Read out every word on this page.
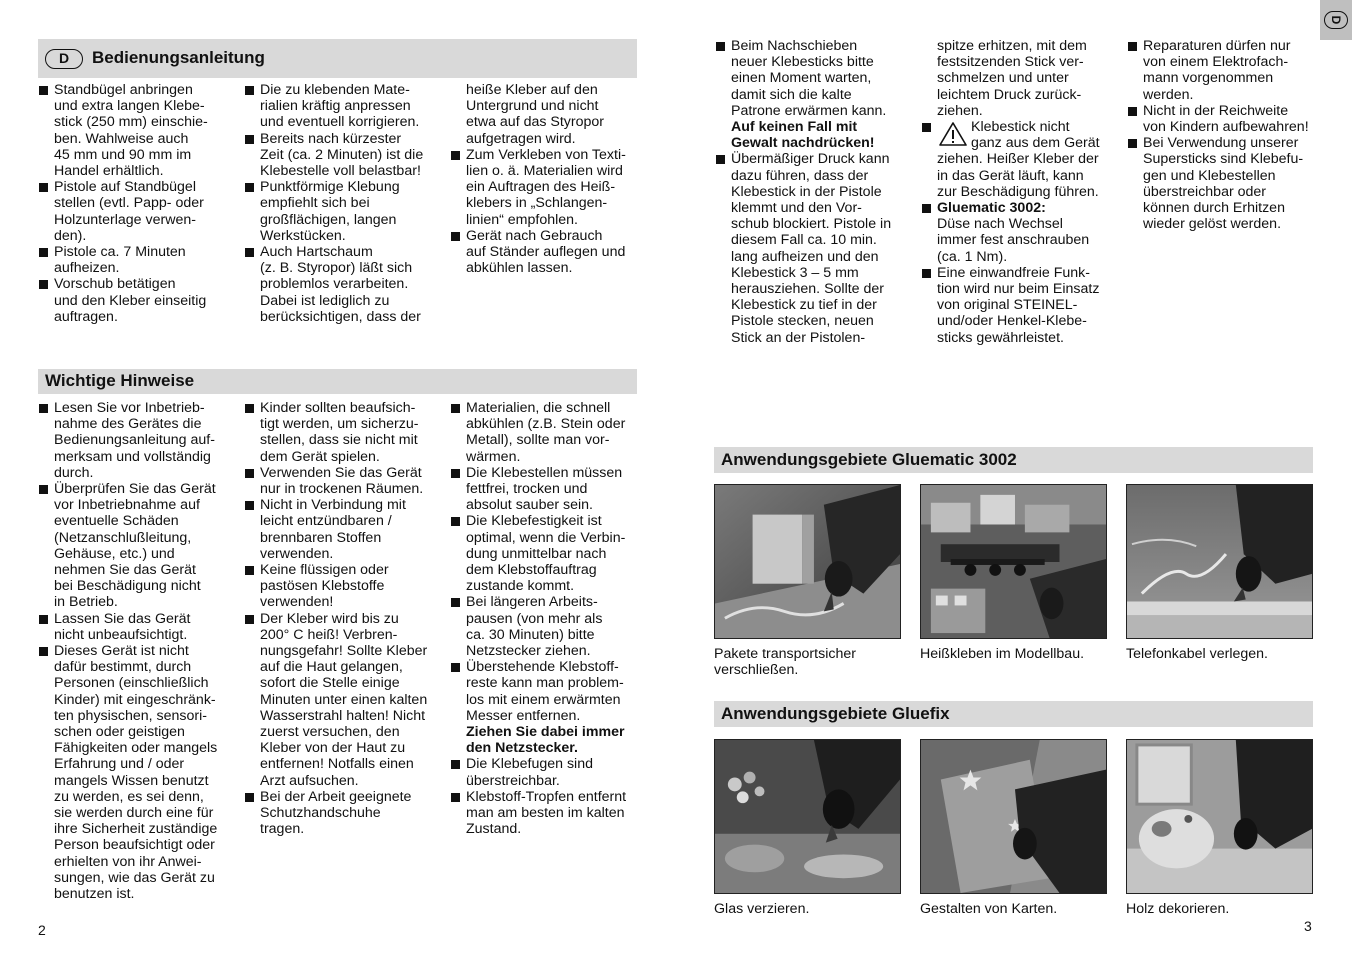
D
D	Bedienungsanleitung
Standbügel anbringen
und extra langen Klebe-
stick (250 mm) einschie-
ben. Wahlweise auch
45 mm und 90 mm im
Handel erhältlich.
Pistole auf Standbügel
stellen (evtl. Papp- oder
Holzunterlage verwen-
den).
Pistole ca. 7 Minuten
aufheizen.
Vorschub betätigen
und den Kleber einseitig
auftragen.
Die zu klebenden Mate-
rialien kräftig anpressen
und eventuell korrigieren.
Bereits nach kürzester
Zeit (ca. 2 Minuten) ist die
Klebestelle voll belastbar!
Punktförmige Klebung
empfiehlt sich bei
großflächigen, langen
Werkstücken.
Auch Hartschaum
(z. B. Styropor) läßt sich
problemlos verarbeiten.
Dabei ist lediglich zu
berücksichtigen, dass der
heiße Kleber auf den
Untergrund und nicht
etwa auf das Styropor
aufgetragen wird.
Zum Verkleben von Texti-
lien o. ä. Materialien wird
ein Auftragen des Heiß-
klebers in „Schlangen-
linien“ empfohlen.
Gerät nach Gebrauch
auf Ständer auflegen und
abkühlen lassen.
Wichtige Hinweise
Lesen Sie vor Inbetrieb-
nahme des Gerätes die
Bedienungsanleitung auf-
merksam und vollständig
durch.
Überprüfen Sie das Gerät
vor Inbetriebnahme auf
eventuelle Schäden
(Netzanschlußleitung,
Gehäuse, etc.) und
nehmen Sie das Gerät
bei Beschädigung nicht
in Betrieb.
Lassen Sie das Gerät
nicht unbeaufsichtigt.
Dieses Gerät ist nicht
dafür bestimmt, durch
Personen (einschließlich
Kinder) mit eingeschränk-
ten physischen, sensori-
schen oder geistigen
Fähigkeiten oder mangels
Erfahrung und / oder
mangels Wissen benutzt
zu werden, es sei denn,
sie werden durch eine für
ihre Sicherheit zuständige
Person beaufsichtigt oder
erhielten von ihr Anwei-
sungen, wie das Gerät zu
benutzen ist.
Kinder sollten beaufsich-
tigt werden, um sicherzu-
stellen, dass sie nicht mit
dem Gerät spielen.
Verwenden Sie das Gerät
nur in trockenen Räumen.
Nicht in Verbindung mit
leicht entzündbaren /
brennbaren Stoffen
verwenden.
Keine flüssigen oder
pastösen Klebstoffe
verwenden!
Der Kleber wird bis zu
200° C heiß! Verbren-
nungsgefahr! Sollte Kleber
auf die Haut gelangen,
sofort die Stelle einige
Minuten unter einen kalten
Wasserstrahl halten! Nicht
zuerst versuchen, den
Kleber von der Haut zu
entfernen! Notfalls einen
Arzt aufsuchen.
Bei der Arbeit geeignete
Schutzhandschuhe
tragen.
Materialien, die schnell
abkühlen (z.B. Stein oder
Metall), sollte man vor-
wärmen.
Die Klebestellen müssen
fettfrei, trocken und
absolut sauber sein.
Die Klebefestigkeit ist
optimal, wenn die Verbin-
dung unmittelbar nach
dem Klebstoffauftrag
zustande kommt.
Bei längeren Arbeits-
pausen (von mehr als
ca. 30 Minuten) bitte
Netzstecker ziehen.
Überstehende Klebstoff-
reste kann man problem-
los mit einem erwärmten
Messer entfernen.
Ziehen Sie dabei immer
den Netzstecker.
Die Klebefugen sind
überstreichbar.
Klebstoff-Tropfen entfernt
man am besten im kalten
Zustand.
2
Beim Nachschieben
neuer Klebesticks bitte
einen Moment warten,
damit sich die kalte
Patrone erwärmen kann.
Auf keinen Fall mit
Gewalt nachdrücken!
Übermäßiger Druck kann
dazu führen, dass der
Klebestick in der Pistole
klemmt und den Vor-
schub blockiert. Pistole in
diesem Fall ca. 10 min.
lang aufheizen und den
Klebestick 3 – 5 mm
herausziehen. Sollte der
Klebestick zu tief in der
Pistole stecken, neuen
Stick an der Pistolen-
spitze erhitzen, mit dem
festsitzenden Stick ver-
schmelzen und unter
leichtem Druck zurück-
ziehen.
Klebestick nicht
ganz aus dem Gerät
ziehen. Heißer Kleber der
in das Gerät läuft, kann
zur Beschädigung führen.
Gluematic 3002:
Düse nach Wechsel
immer fest anschrauben
(ca. 1 Nm).
Eine einwandfreie Funk-
tion wird nur beim Einsatz
von original STEINEL-
und/oder Henkel-Klebe-
sticks gewährleistet.
Reparaturen dürfen nur
von einem Elektrofach-
mann vorgenommen
werden.
Nicht in der Reichweite
von Kindern aufbewahren!
Bei Verwendung unserer
Supersticks sind Klebefu-
gen und Klebestellen
überstreichbar oder
können durch Erhitzen
wieder gelöst werden.
Anwendungsgebiete Gluematic 3002
Pakete transportsicher
verschließen.
Heißkleben im Modellbau.	Telefonkabel verlegen.
Anwendungsgebiete Gluefix
Glas verzieren.	Gestalten von Karten.	Holz dekorieren.
3
